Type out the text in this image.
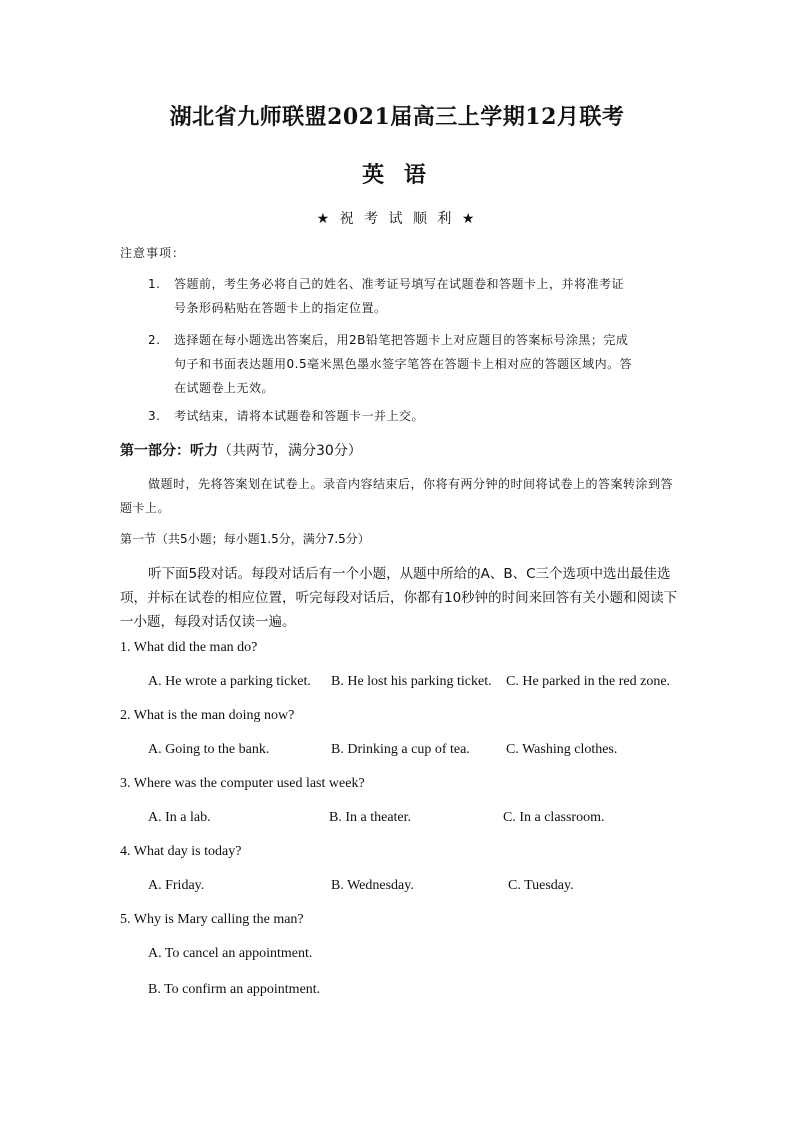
湖北省九师联盟2021届高三上学期12月联考
英 语
★ 祝 考 试 顺 利 ★
注意事项：
1. 答题前，考生务必将自己的姓名、准考证号填写在试题卷和答题卡上，并将准考证
号条形码粘贴在答题卡上的指定位置。
2. 选择题在每小题选出答案后，用2B铅笔把答题卡上对应题目的答案标号涂黑；完成
句子和书面表达题用0.5毫米黑色墨水签字笔答在答题卡上相对应的答题区域内。答
在试题卷上无效。
3. 考试结束，请将本试题卷和答题卡一并上交。
第一部分：听力（共两节，满分30分）
做题时，先将答案划在试卷上。录音内容结束后，你将有两分钟的时间将试卷上的答案转涂到答题卡上。
第一节（共5小题；每小题1.5分，满分7.5分）
听下面5段对话。每段对话后有一个小题，从题中所给的A、B、C三个选项中选出最佳选项，并标在试卷的相应位置，听完每段对话后，你都有10秒钟的时间来回答有关小题和阅读下一小题，每段对话仅读一遍。
1. What did the man do?
A. He wrote a parking ticket. B. He lost his parking ticket. C. He parked in the red zone.
2. What is the man doing now?
A. Going to the bank.	B. Drinking a cup of tea.	C. Washing clothes.
3. Where was the computer used last week?
A. In a lab.	B. In a theater.	C. In a classroom.
4. What day is today?
A. Friday.	B. Wednesday.	C. Tuesday.
5. Why is Mary calling the man?
A. To cancel an appointment.
B. To confirm an appointment.
